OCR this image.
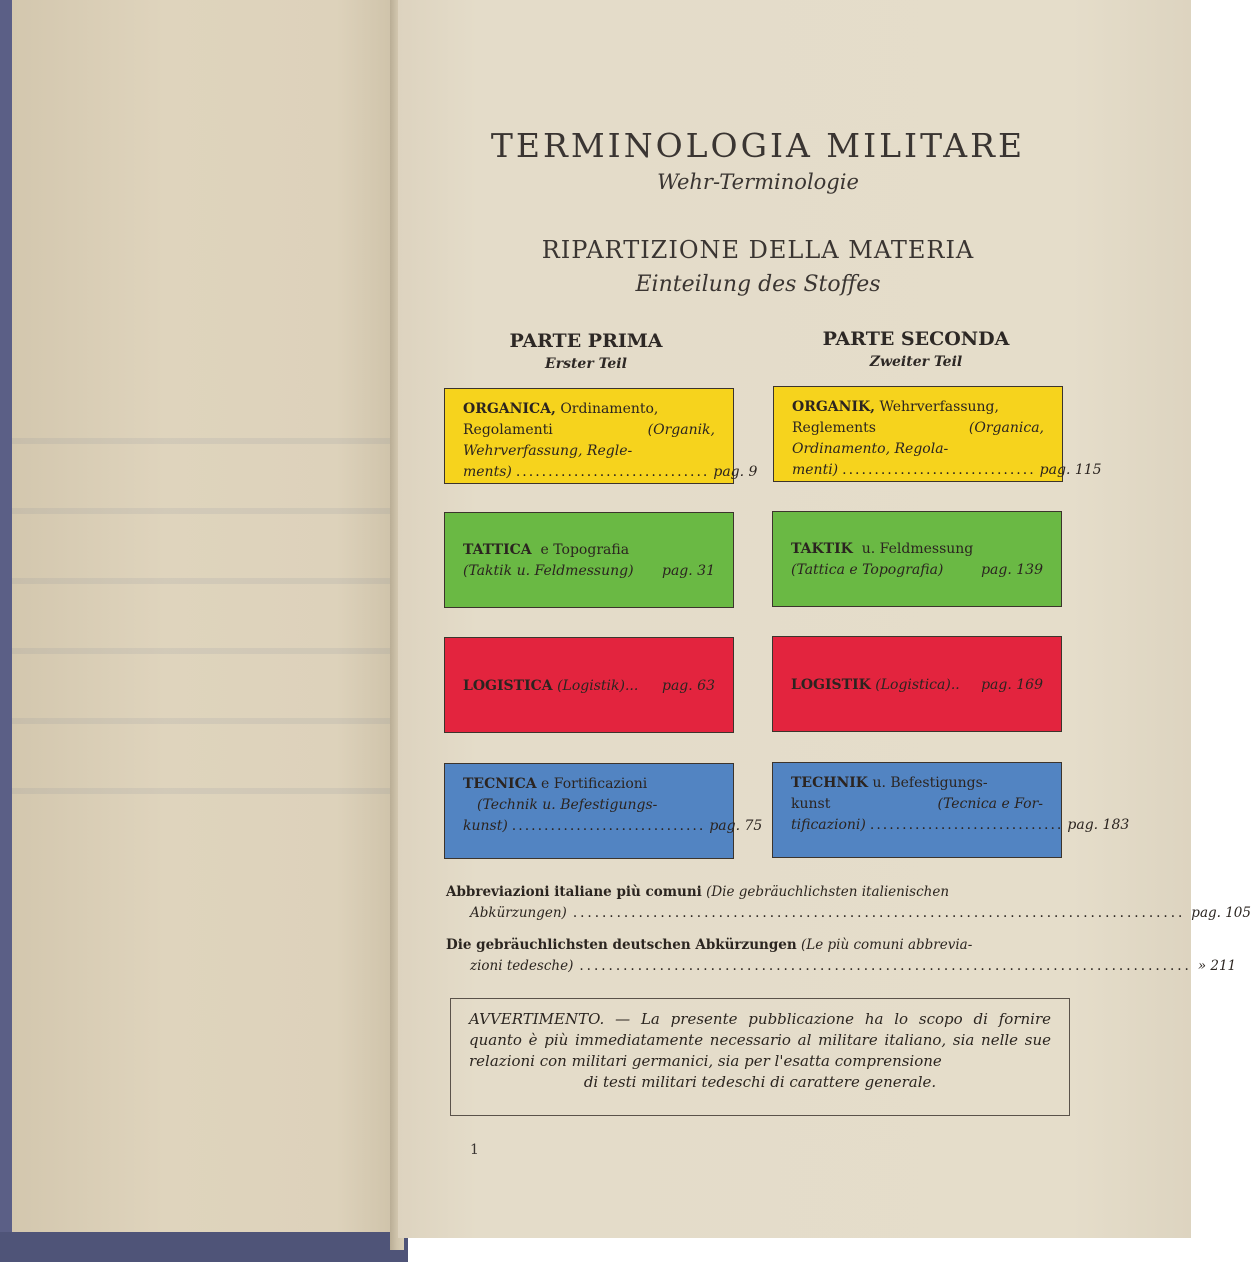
TERMINOLOGIA MILITARE
Wehr-Terminologie
RIPARTIZIONE DELLA MATERIA
Einteilung des Stoffes
PARTE PRIMA
Erster Teil
PARTE SECONDA
Zweiter Teil
ORGANICA, Ordinamento,
Regolamenti	(Organik,
Wehrverfassung, Regle-
ments) .............................. pag. 9
ORGANIK, Wehrverfassung,
Reglements	(Organica,
Ordinamento, Regola-
menti) .............................. pag. 115
TATTICA e Topografia
(Taktik u. Feldmessung) pag. 31
TAKTIK u. Feldmessung
(Tattica e Topografia)	pag. 139
LOGISTICA (Logistik)... pag. 63	LOGISTIK (Logistica).. pag. 169
TECNICA e Fortificazioni
(Technik u. Befestigungs-
kunst) .............................. pag. 75
TECHNIK u. Befestigungs-
kunst	(Tecnica e For-
tificazioni) .............................. pag. 183
Abbreviazioni italiane più comuni (Die gebräuchlichsten italienischen
Abkürzungen) .................................................................................... pag. 105
Die gebräuchlichsten deutschen Abkürzungen (Le più comuni abbrevia-
zioni tedesche) .................................................................................... » 211
AVVERTIMENTO. — La presente pubblicazione ha lo scopo di fornire quanto è più immediatamente necessario al militare italiano, sia nelle sue relazioni con militari germanici, sia per l'esatta comprensione
di testi militari tedeschi di carattere generale.
1
